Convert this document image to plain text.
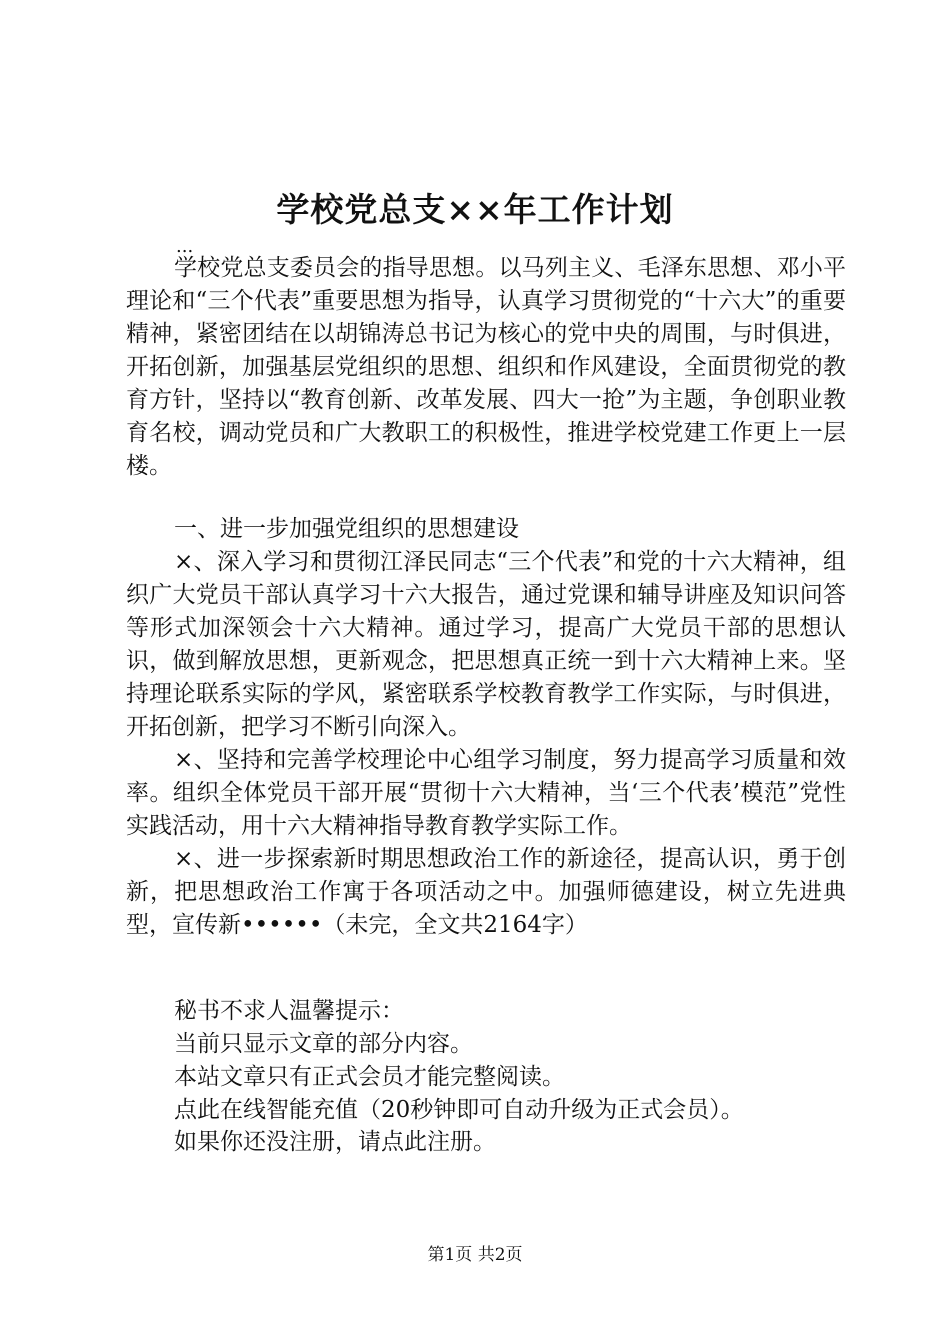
学校党总支××年工作计划
...

学校党总支委员会的指导思想。以马列主义、毛泽东思想、邓小平理论和“三个代表”重要思想为指导，认真学习贯彻党的“十六大”的重要精神，紧密团结在以胡锦涛总书记为核心的党中央的周围，与时俱进，开拓创新，加强基层党组织的思想、组织和作风建设，全面贯彻党的教育方针，坚持以“教育创新、改革发展、四大一抢”为主题，争创职业教育名校，调动党员和广大教职工的积极性，推进学校党建工作更上一层楼。

一、进一步加强党组织的思想建设

×、深入学习和贯彻江泽民同志“三个代表”和党的十六大精神，组织广大党员干部认真学习十六大报告，通过党课和辅导讲座及知识问答等形式加深领会十六大精神。通过学习，提高广大党员干部的思想认识，做到解放思想，更新观念，把思想真正统一到十六大精神上来。坚持理论联系实际的学风，紧密联系学校教育教学工作实际，与时俱进，开拓创新，把学习不断引向深入。

×、坚持和完善学校理论中心组学习制度，努力提高学习质量和效率。组织全体党员干部开展“贯彻十六大精神，当‘三个代表’模范”党性实践活动，用十六大精神指导教育教学实际工作。

×、进一步探索新时期思想政治工作的新途径，提高认识，勇于创新，把思想政治工作寓于各项活动之中。加强师德建设，树立先进典型，宣传新••••••（未完，全文共2164字）

秘书不求人温馨提示：

当前只显示文章的部分内容。

本站文章只有正式会员才能完整阅读。

点此在线智能充值（20秒钟即可自动升级为正式会员）。

如果你还没注册，请点此注册。

第1页 共2页
